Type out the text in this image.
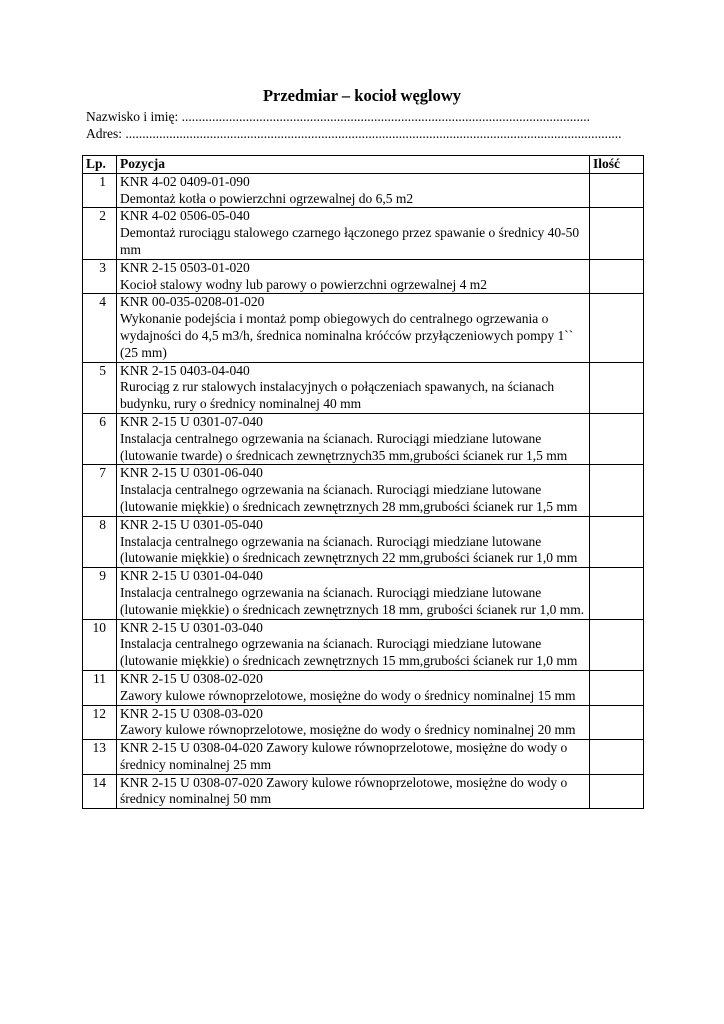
Przedmiar – kocioł węglowy
Nazwisko i imię: .........................................................................................................................
Adres: ...................................................................................................................................................
Lp.	Pozycja	Ilość
1	KNR 4-02 0409-01-090
Demontaż kotła o powierzchni ogrzewalnej do 6,5 m2	

2	KNR 4-02 0506-05-040
Demontaż rurociągu stalowego czarnego łączonego przez spawanie o średnicy 40-50 mm	

3	KNR 2-15 0503-01-020
Kocioł stalowy wodny lub parowy o powierzchni ogrzewalnej 4 m2	

4	KNR 00-035-0208-01-020
Wykonanie podejścia i montaż pomp obiegowych do centralnego ogrzewania o wydajności do 4,5 m3/h, średnica nominalna króćców przyłączeniowych pompy 1`` (25 mm)	

5	KNR 2-15 0403-04-040
Rurociąg z rur stalowych instalacyjnych o połączeniach spawanych, na ścianach budynku, rury o średnicy nominalnej 40 mm	

6	KNR 2-15 U 0301-07-040
Instalacja centralnego ogrzewania na ścianach. Rurociągi miedziane lutowane (lutowanie twarde) o średnicach zewnętrznych35 mm,grubości ścianek rur 1,5 mm	

7	KNR 2-15 U 0301-06-040
Instalacja centralnego ogrzewania na ścianach. Rurociągi miedziane lutowane (lutowanie miękkie) o średnicach zewnętrznych 28 mm,grubości ścianek rur 1,5 mm	

8	KNR 2-15 U 0301-05-040
Instalacja centralnego ogrzewania na ścianach. Rurociągi miedziane lutowane (lutowanie miękkie) o średnicach zewnętrznych 22 mm,grubości ścianek rur 1,0 mm	

9	KNR 2-15 U 0301-04-040
Instalacja centralnego ogrzewania na ścianach. Rurociągi miedziane lutowane (lutowanie miękkie) o średnicach zewnętrznych 18 mm, grubości ścianek rur 1,0 mm.	

10	KNR 2-15 U 0301-03-040
Instalacja centralnego ogrzewania na ścianach. Rurociągi miedziane lutowane (lutowanie miękkie) o średnicach zewnętrznych 15 mm,grubości ścianek rur 1,0 mm	

11	KNR 2-15 U 0308-02-020
Zawory kulowe równoprzelotowe, mosiężne do wody o średnicy nominalnej 15 mm	

12	KNR 2-15 U 0308-03-020
Zawory kulowe równoprzelotowe, mosiężne do wody o średnicy nominalnej 20 mm	

13	KNR 2-15 U 0308-04-020 Zawory kulowe równoprzelotowe, mosiężne do wody o średnicy nominalnej 25 mm	
14	KNR 2-15 U 0308-07-020 Zawory kulowe równoprzelotowe, mosiężne do wody o średnicy nominalnej 50 mm	
